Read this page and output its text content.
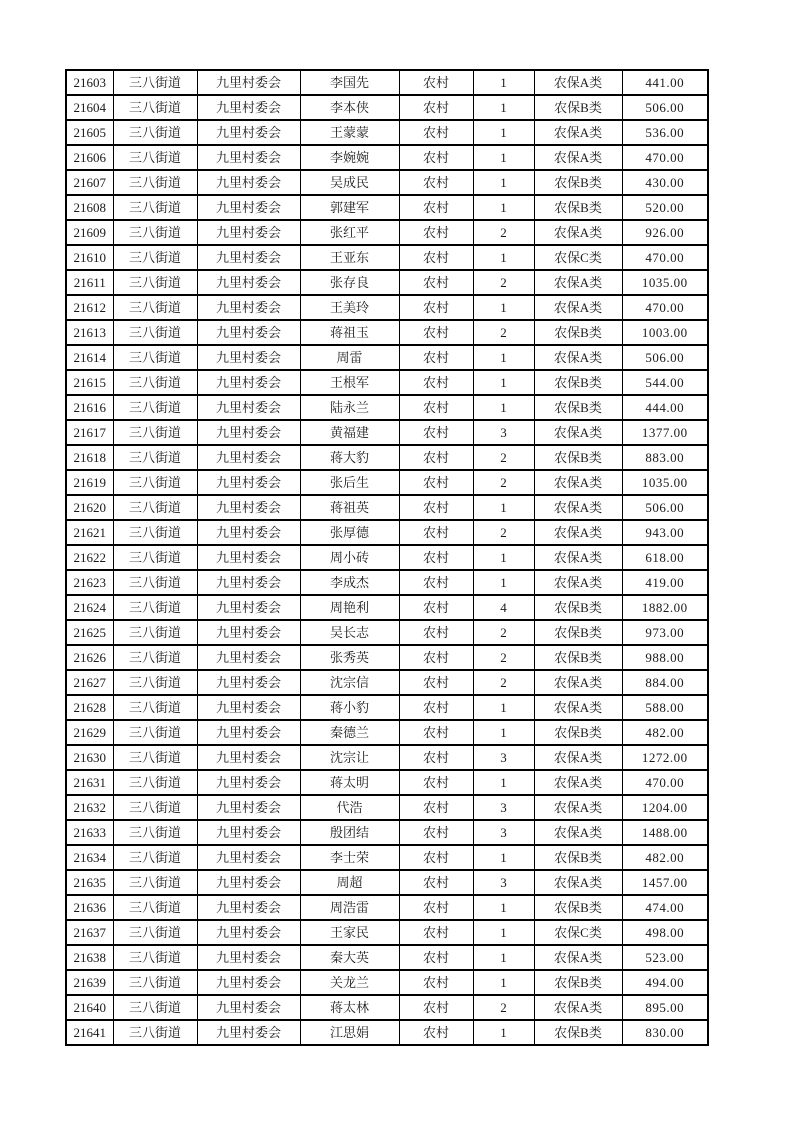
21603	三八街道	九里村委会	李国先	农村	1	农保A类	441.00
21604	三八街道	九里村委会	李本侠	农村	1	农保B类	506.00
21605	三八街道	九里村委会	王蒙蒙	农村	1	农保A类	536.00
21606	三八街道	九里村委会	李婉婉	农村	1	农保A类	470.00
21607	三八街道	九里村委会	吴成民	农村	1	农保B类	430.00
21608	三八街道	九里村委会	郭建军	农村	1	农保B类	520.00
21609	三八街道	九里村委会	张红平	农村	2	农保A类	926.00
21610	三八街道	九里村委会	王亚东	农村	1	农保C类	470.00
21611	三八街道	九里村委会	张存良	农村	2	农保A类	1035.00
21612	三八街道	九里村委会	王美玲	农村	1	农保A类	470.00
21613	三八街道	九里村委会	蒋祖玉	农村	2	农保B类	1003.00
21614	三八街道	九里村委会	周雷	农村	1	农保A类	506.00
21615	三八街道	九里村委会	王根军	农村	1	农保B类	544.00
21616	三八街道	九里村委会	陆永兰	农村	1	农保B类	444.00
21617	三八街道	九里村委会	黄福建	农村	3	农保A类	1377.00
21618	三八街道	九里村委会	蒋大豹	农村	2	农保B类	883.00
21619	三八街道	九里村委会	张后生	农村	2	农保A类	1035.00
21620	三八街道	九里村委会	蒋祖英	农村	1	农保A类	506.00
21621	三八街道	九里村委会	张厚德	农村	2	农保A类	943.00
21622	三八街道	九里村委会	周小砖	农村	1	农保A类	618.00
21623	三八街道	九里村委会	李成杰	农村	1	农保A类	419.00
21624	三八街道	九里村委会	周艳利	农村	4	农保B类	1882.00
21625	三八街道	九里村委会	吴长志	农村	2	农保B类	973.00
21626	三八街道	九里村委会	张秀英	农村	2	农保B类	988.00
21627	三八街道	九里村委会	沈宗信	农村	2	农保A类	884.00
21628	三八街道	九里村委会	蒋小豹	农村	1	农保A类	588.00
21629	三八街道	九里村委会	秦德兰	农村	1	农保B类	482.00
21630	三八街道	九里村委会	沈宗让	农村	3	农保A类	1272.00
21631	三八街道	九里村委会	蒋太明	农村	1	农保A类	470.00
21632	三八街道	九里村委会	代浩	农村	3	农保A类	1204.00
21633	三八街道	九里村委会	殷团结	农村	3	农保A类	1488.00
21634	三八街道	九里村委会	李士荣	农村	1	农保B类	482.00
21635	三八街道	九里村委会	周超	农村	3	农保A类	1457.00
21636	三八街道	九里村委会	周浩雷	农村	1	农保B类	474.00
21637	三八街道	九里村委会	王家民	农村	1	农保C类	498.00
21638	三八街道	九里村委会	秦大英	农村	1	农保A类	523.00
21639	三八街道	九里村委会	关龙兰	农村	1	农保B类	494.00
21640	三八街道	九里村委会	蒋太林	农村	2	农保A类	895.00
21641	三八街道	九里村委会	江思娟	农村	1	农保B类	830.00
